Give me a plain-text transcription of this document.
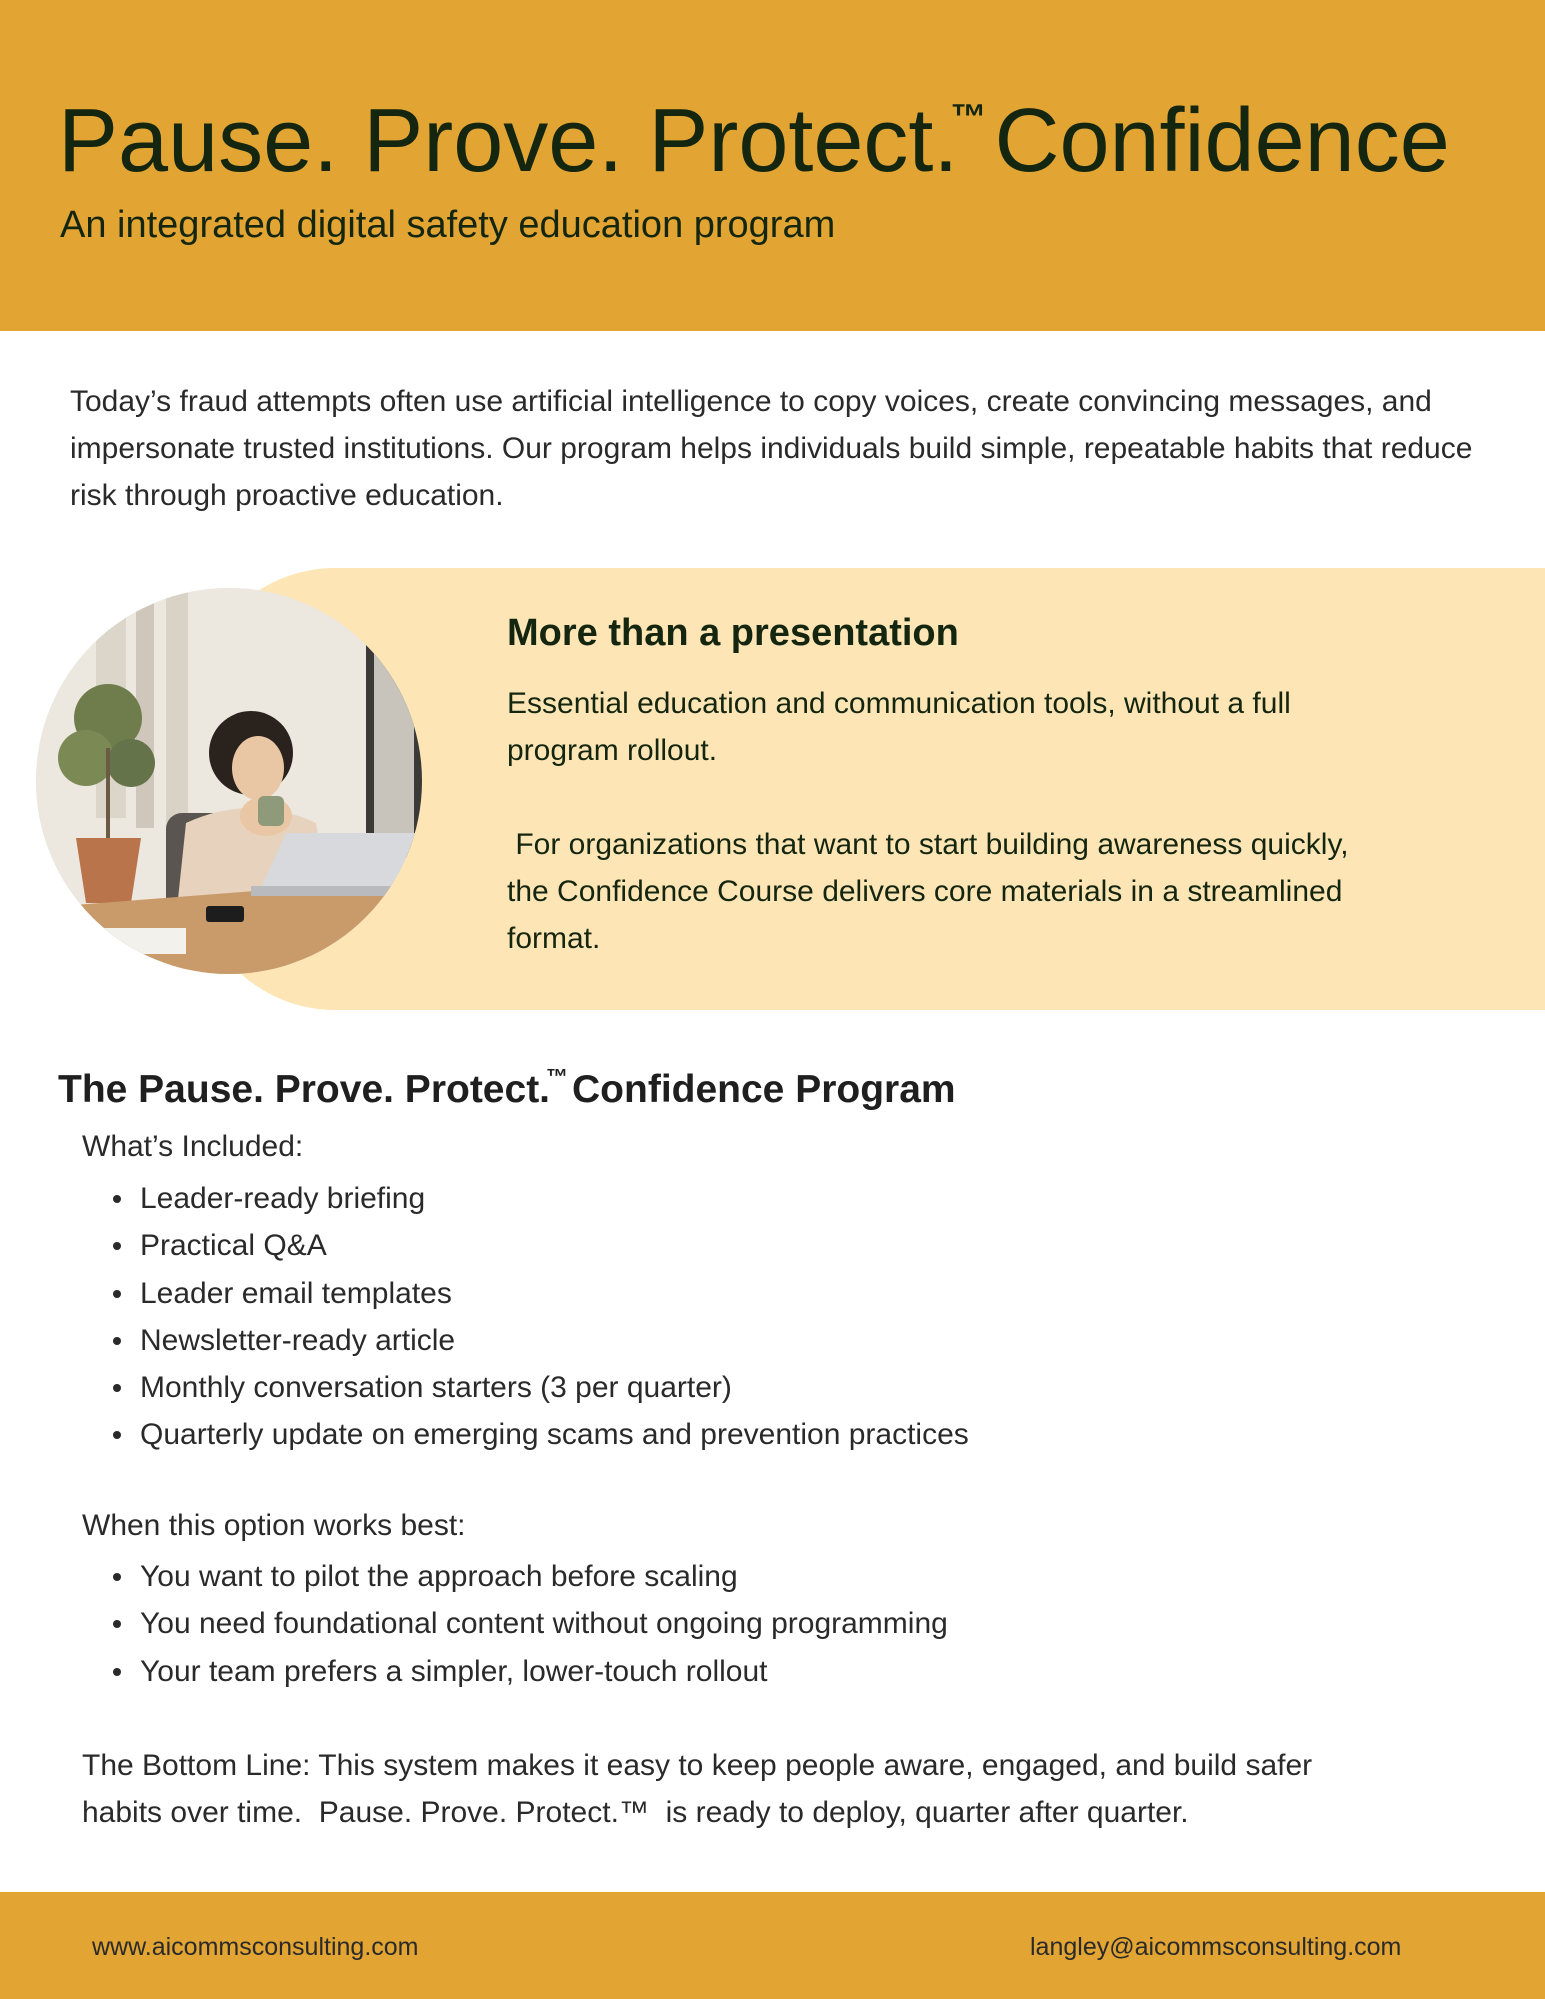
Pause. Prove. Protect.™Confidence

An integrated digital safety education program

Today’s fraud attempts often use artificial intelligence to copy voices, create convincing messages, and impersonate trusted institutions. Our program helps individuals build simple, repeatable habits that reduce risk through proactive education.

More than a presentation

Essential education and communication tools, without a full program rollout.

For organizations that want to start building awareness quickly, the Confidence Course delivers core materials in a streamlined format.

The Pause. Prove. Protect.™ Confidence Program

What’s Included:

Leader-ready briefing
Practical Q&A
Leader email templates
Newsletter-ready article
Monthly conversation starters (3 per quarter)
Quarterly update on emerging scams and prevention practices

When this option works best:

You want to pilot the approach before scaling
You need foundational content without ongoing programming
Your team prefers a simpler, lower-touch rollout

The Bottom Line: This system makes it easy to keep people aware, engaged, and build safer habits over time.  Pause. Prove. Protect.™  is ready to deploy, quarter after quarter.

www.aicommsconsulting.com	langley@aicommsconsulting.com
